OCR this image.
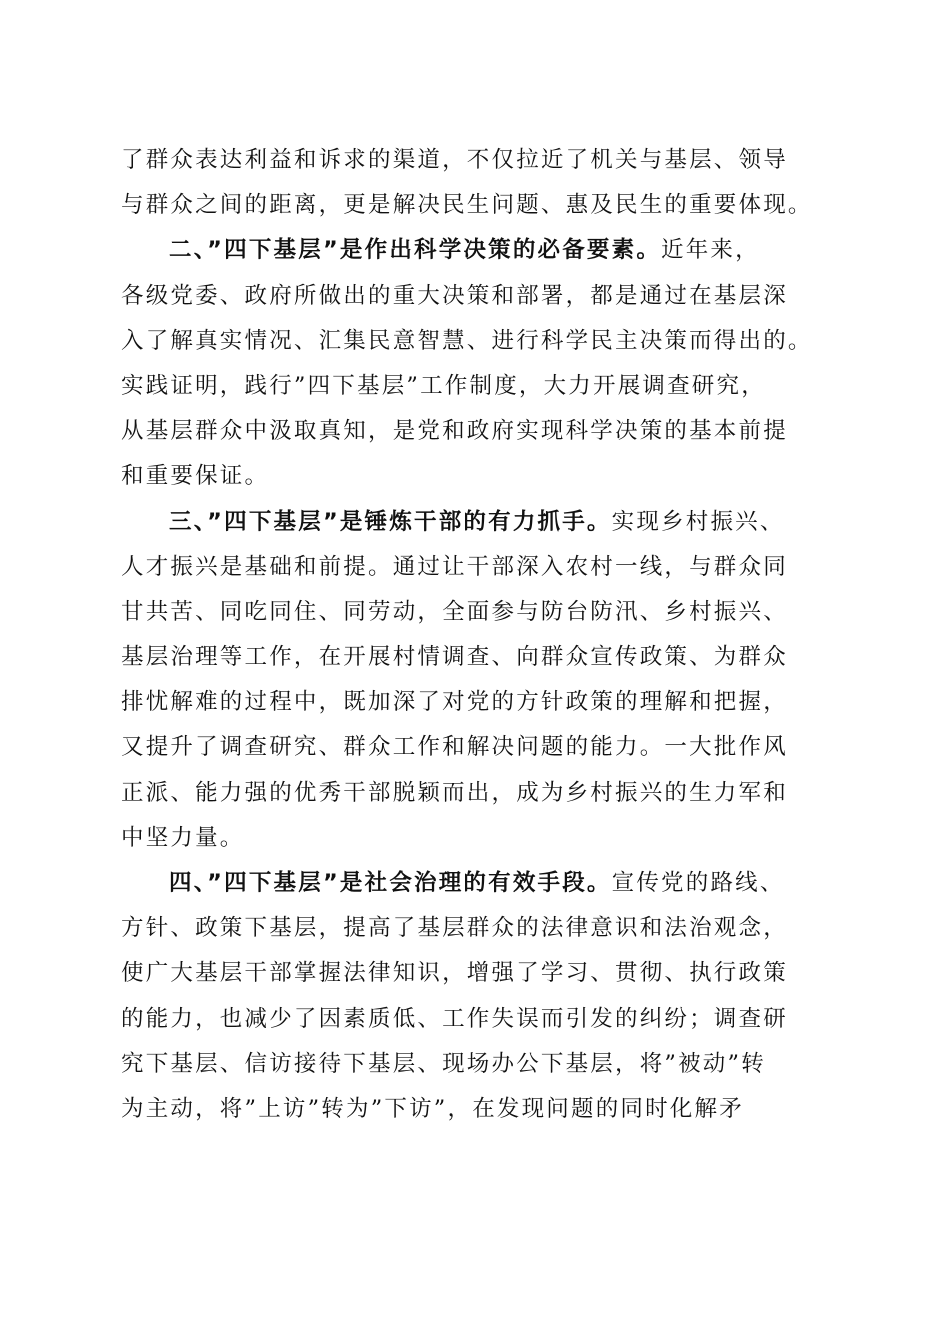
了群众表达利益和诉求的渠道，不仅拉近了机关与基层、领导
与群众之间的距离，更是解决民生问题、惠及民生的重要体现。
二、”四下基层”是作出科学决策的必备要素。近年来，
各级党委、政府所做出的重大决策和部署，都是通过在基层深
入了解真实情况、汇集民意智慧、进行科学民主决策而得出的。
实践证明，践行”四下基层”工作制度，大力开展调查研究，
从基层群众中汲取真知，是党和政府实现科学决策的基本前提
和重要保证。
三、”四下基层”是锤炼干部的有力抓手。实现乡村振兴、
人才振兴是基础和前提。通过让干部深入农村一线，与群众同
甘共苦、同吃同住、同劳动，全面参与防台防汛、乡村振兴、
基层治理等工作，在开展村情调查、向群众宣传政策、为群众
排忧解难的过程中，既加深了对党的方针政策的理解和把握，
又提升了调查研究、群众工作和解决问题的能力。一大批作风
正派、能力强的优秀干部脱颖而出，成为乡村振兴的生力军和
中坚力量。
四、”四下基层”是社会治理的有效手段。宣传党的路线、
方针、政策下基层，提高了基层群众的法律意识和法治观念，
使广大基层干部掌握法律知识，增强了学习、贯彻、执行政策
的能力，也减少了因素质低、工作失误而引发的纠纷；调查研
究下基层、信访接待下基层、现场办公下基层，将”被动”转
为主动，将”上访”转为”下访”，在发现问题的同时化解矛
